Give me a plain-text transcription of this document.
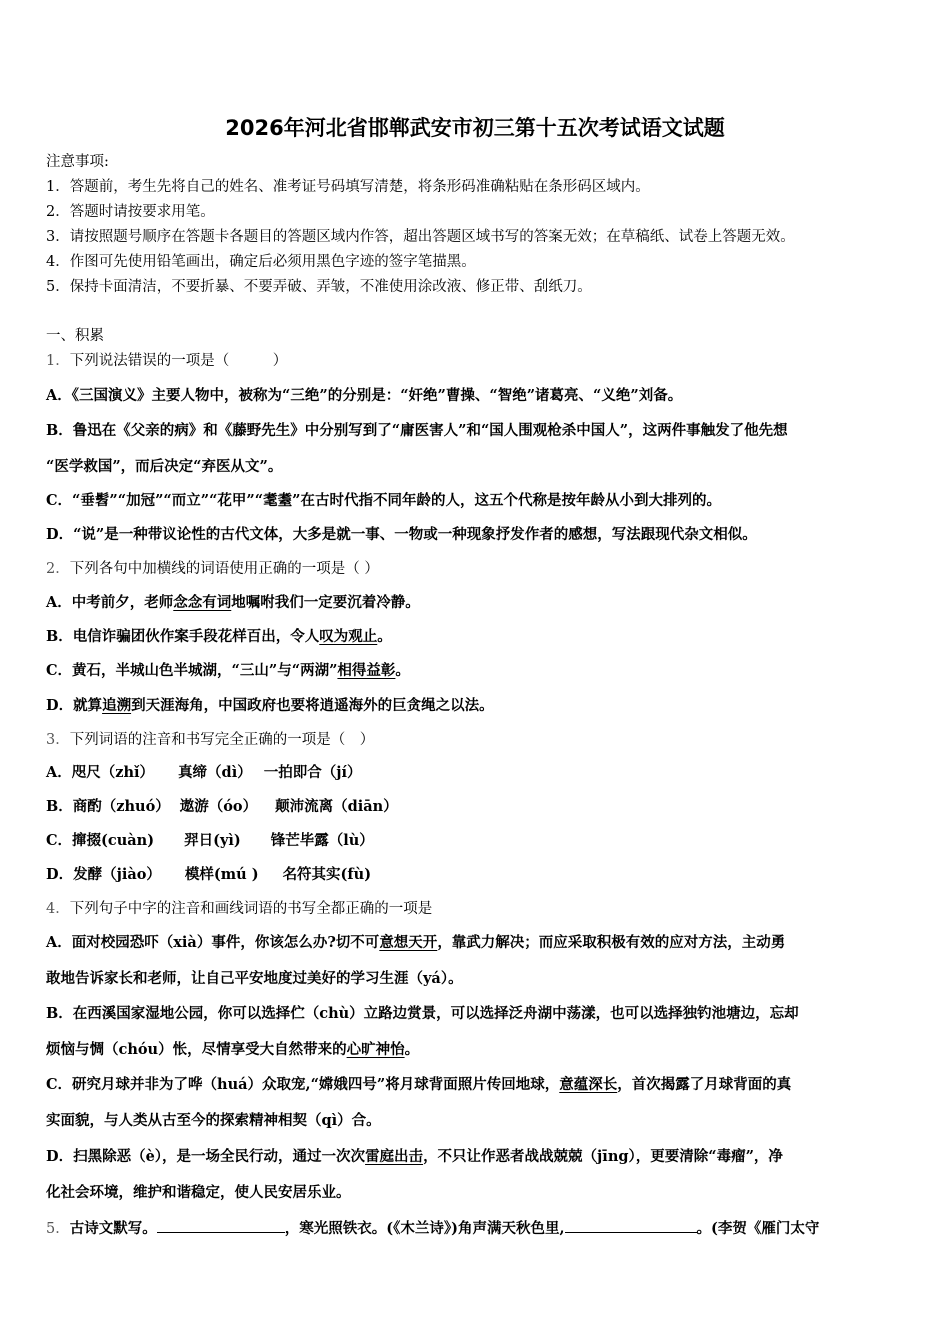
2026年河北省邯郸武安市初三第十五次考试语文试题
注意事项:
1．答题前，考生先将自己的姓名、准考证号码填写清楚，将条形码准确粘贴在条形码区域内。
2．答题时请按要求用笔。
3．请按照题号顺序在答题卡各题目的答题区域内作答，超出答题区域书写的答案无效；在草稿纸、试卷上答题无效。
4．作图可先使用铅笔画出，确定后必须用黑色字迹的签字笔描黑。
5．保持卡面清洁，不要折暴、不要弄破、弄皱，不准使用涂改液、修正带、刮纸刀。
一、积累
1．下列说法错误的一项是（　　　）
A．《三国演义》主要人物中，被称为“三绝”的分别是：“奸绝”曹操、“智绝”诸葛亮、“义绝”刘备。
B．鲁迅在《父亲的病》和《藤野先生》中分别写到了“庸医害人”和“国人围观枪杀中国人”，这两件事触发了他先想
“医学救国”，而后决定“弃医从文”。
C．“垂髫”“加冠”“而立”“花甲”“耄耋”在古时代指不同年龄的人，这五个代称是按年龄从小到大排列的。
D．“说”是一种带议论性的古代文体，大多是就一事、一物或一种现象抒发作者的感想，写法跟现代杂文相似。
2．下列各句中加横线的词语使用正确的一项是（ ）
A．中考前夕，老师念念有词地嘱咐我们一定要沉着冷静。
B．电信诈骗团伙作案手段花样百出，令人叹为观止。
C．黄石，半城山色半城湖，“三山”与“两湖”相得益彰。
D．就算追溯到天涯海角，中国政府也要将逍遥海外的巨贪绳之以法。
3．下列词语的注音和书写完全正确的一项是（　）
A．咫尺（zhǐ） 真缔（dì） 一拍即合（jí）
B．商酌（zhuó） 遨游（óo） 颠沛流离（diān）
C．撺掇(cuàn) 羿日(yì) 锋芒毕露（lù）
D．发酵（jiào） 模样(mú ) 名符其实(fù)
4．下列句子中字的注音和画线词语的书写全都正确的一项是
A．面对校园恐吓（xià）事件，你该怎么办?切不可意想天开，靠武力解决；而应采取积极有效的应对方法，主动勇
敢地告诉家长和老师，让自己平安地度过美好的学习生涯（yá）。
B．在西溪国家湿地公园，你可以选择伫（chù）立路边赏景，可以选择泛舟湖中荡漾，也可以选择独钓池塘边，忘却
烦恼与惆（chóu）怅，尽情享受大自然带来的心旷神怡。
C．研究月球并非为了哗（huá）众取宠,“嫦娥四号”将月球背面照片传回地球，意蕴深长，首次揭露了月球背面的真
实面貌，与人类从古至今的探索精神相契（qì）合。
D．扫黑除恶（è），是一场全民行动，通过一次次雷庭出击，不只让作恶者战战兢兢（jīng），更要清除“毒瘤”，净
化社会环境，维护和谐稳定，使人民安居乐业。
5．古诗文默写。	，寒光照铁衣。(《木兰诗》)角声满天秋色里,	。(李贺《雁门太守
